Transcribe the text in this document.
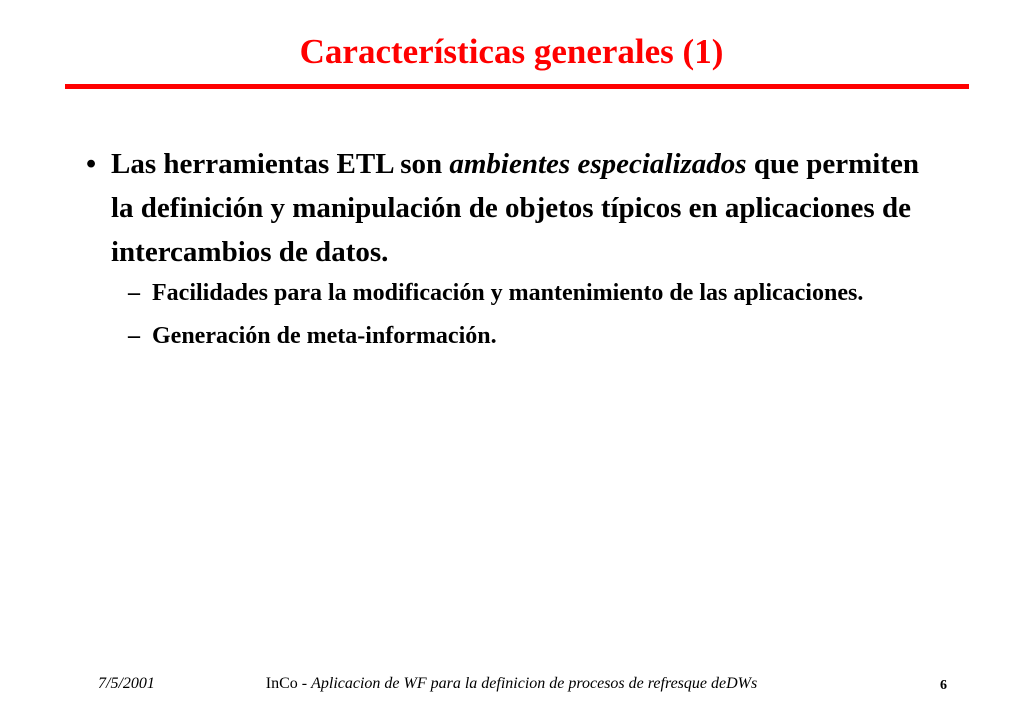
Características generales (1)
• Las herramientas ETL son ambientes especializados que permiten la definición y manipulación de objetos típicos en aplicaciones de intercambios de datos.
– Facilidades para la modificación y mantenimiento de las aplicaciones.
– Generación de meta-información.
7/5/2001	InCo - Aplicacion de WF para la definicion de procesos de refresque deDWs	6
